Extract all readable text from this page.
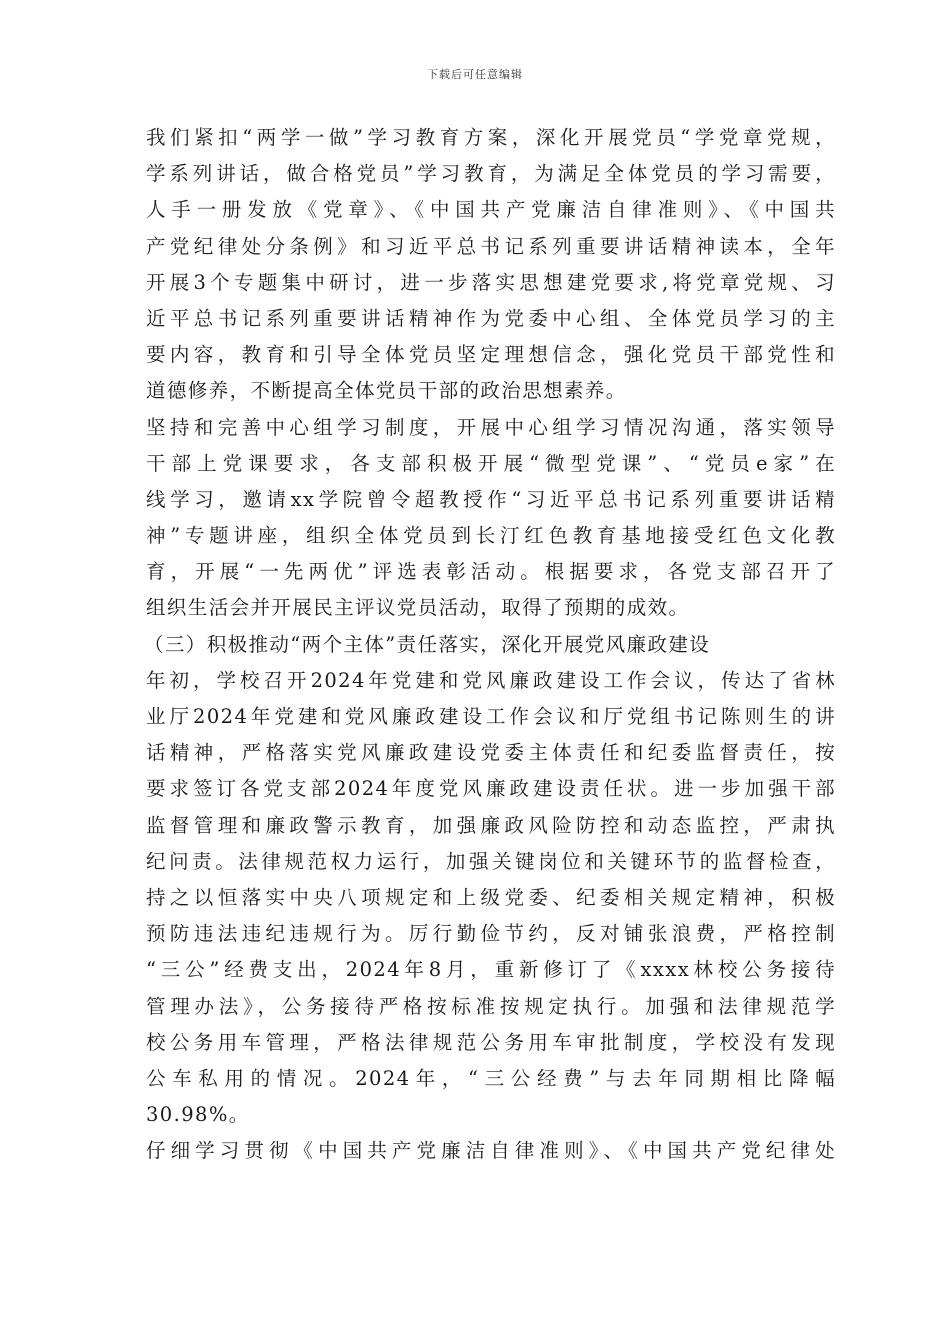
下载后可任意编辑
我们紧扣“两学一做”学习教育方案，深化开展党员“学党章党规，
学系列讲话，做合格党员”学习教育，为满足全体党员的学习需要，
人手一册发放《党章》、《中国共产党廉洁自律准则》、《中国共
产党纪律处分条例》和习近平总书记系列重要讲话精神读本，全年
开展3个专题集中研讨，进一步落实思想建党要求,将党章党规、习
近平总书记系列重要讲话精神作为党委中心组、全体党员学习的主
要内容，教育和引导全体党员坚定理想信念，强化党员干部党性和
道德修养，不断提高全体党员干部的政治思想素养。
坚持和完善中心组学习制度，开展中心组学习情况沟通，落实领导
干部上党课要求，各支部积极开展“微型党课”、“党员e家”在
线学习，邀请xx学院曾令超教授作“习近平总书记系列重要讲话精
神”专题讲座，组织全体党员到长汀红色教育基地接受红色文化教
育，开展“一先两优”评选表彰活动。根据要求，各党支部召开了
组织生活会并开展民主评议党员活动，取得了预期的成效。
（三）积极推动“两个主体”责任落实，深化开展党风廉政建设
年初，学校召开2024年党建和党风廉政建设工作会议，传达了省林
业厅2024年党建和党风廉政建设工作会议和厅党组书记陈则生的讲
话精神，严格落实党风廉政建设党委主体责任和纪委监督责任，按
要求签订各党支部2024年度党风廉政建设责任状。进一步加强干部
监督管理和廉政警示教育，加强廉政风险防控和动态监控，严肃执
纪问责。法律规范权力运行，加强关键岗位和关键环节的监督检查，
持之以恒落实中央八项规定和上级党委、纪委相关规定精神，积极
预防违法违纪违规行为。厉行勤俭节约，反对铺张浪费，严格控制
“三公”经费支出，2024年8月，重新修订了《xxxx林校公务接待
管理办法》，公务接待严格按标准按规定执行。加强和法律规范学
校公务用车管理，严格法律规范公务用车审批制度，学校没有发现
公车私用的情况。2024年，“三公经费”与去年同期相比降幅
30.98%。
仔细学习贯彻《中国共产党廉洁自律准则》、《中国共产党纪律处
